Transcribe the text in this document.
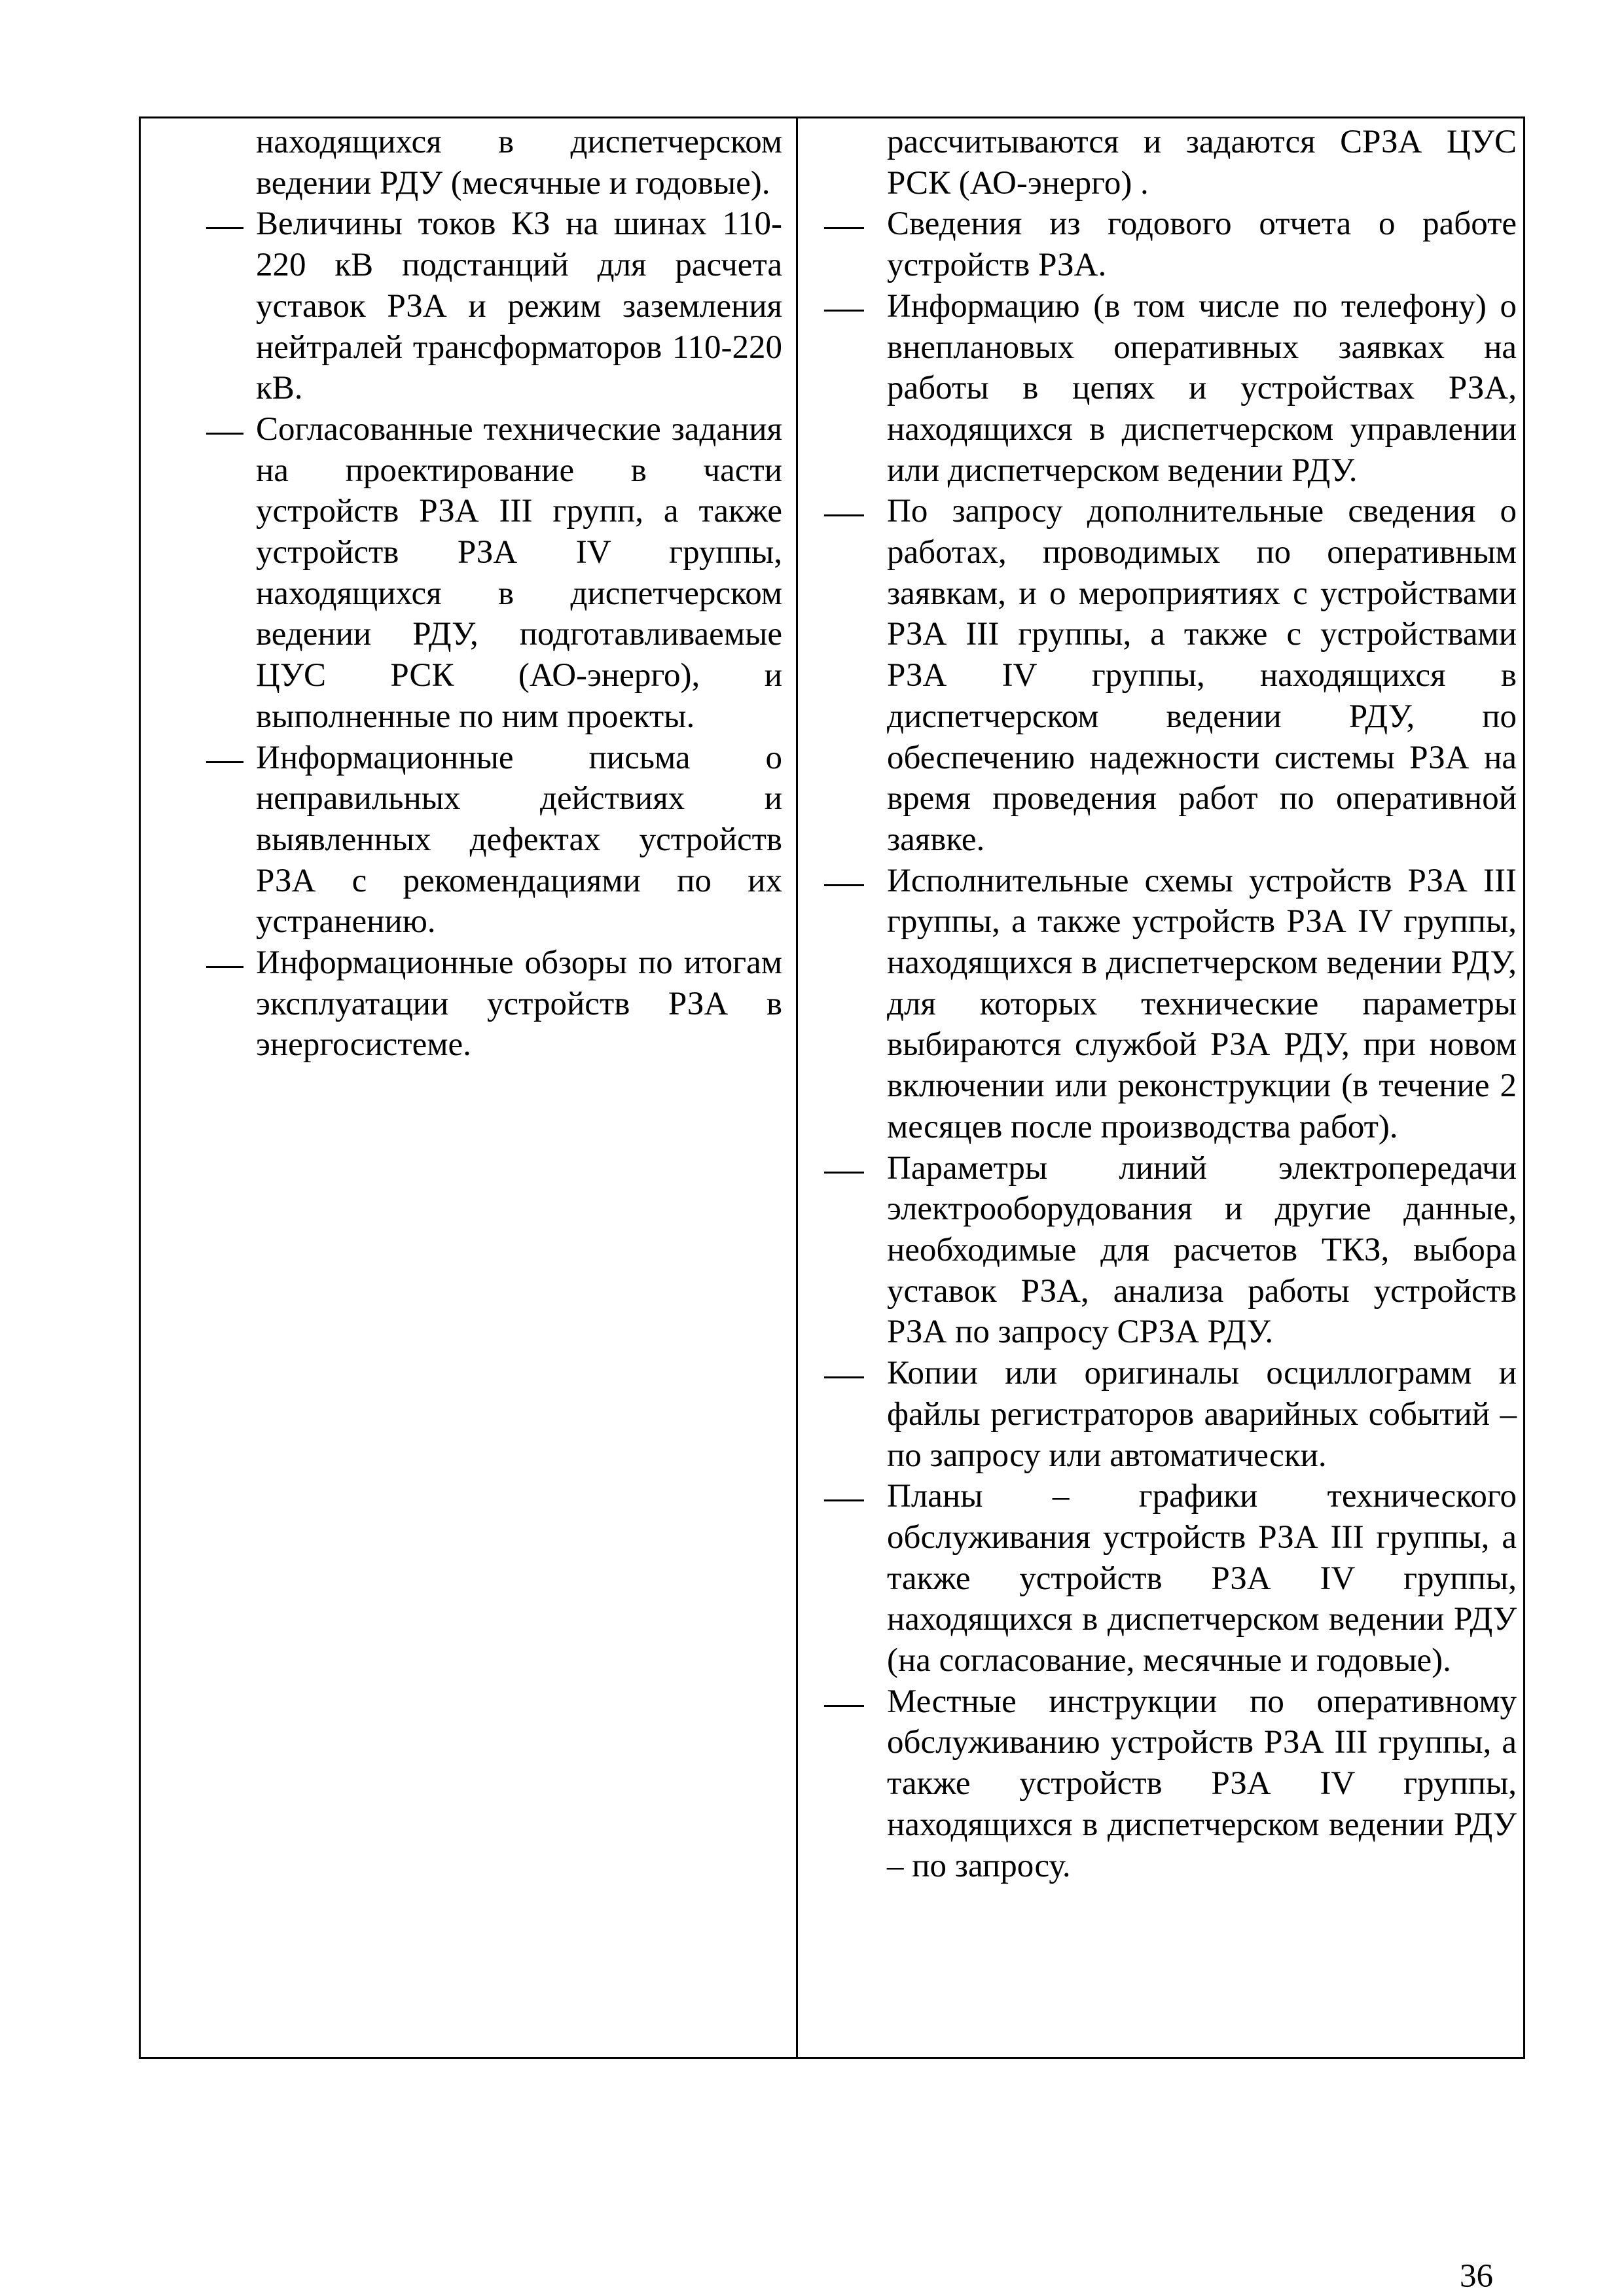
находящихся в диспетчерском ведении РДУ (месячные и годовые).
Величины токов КЗ на шинах 110-220 кВ подстанций для расчета уставок РЗА и режим заземления нейтралей трансформаторов 110-220 кВ.
Согласованные технические задания на проектирование в части устройств РЗА III групп, а также устройств РЗА IV группы, находящихся в диспетчерском ведении РДУ, подготавливаемые ЦУС РСК (АО-энерго), и выполненные по ним проекты.
Информационные письма о неправильных действиях и выявленных дефектах устройств РЗА с рекомендациями по их устранению.
Информационные обзоры по итогам эксплуатации устройств РЗА в энергосистеме.
рассчитываются и задаются СРЗА ЦУС РСК (АО-энерго) .
Сведения из годового отчета о работе устройств РЗА.
Информацию (в том числе по телефону) о внеплановых оперативных заявках на работы в цепях и устройствах РЗА, находящихся в диспетчерском управлении или диспетчерском ведении РДУ.
По запросу дополнительные сведения о работах, проводимых по оперативным заявкам, и о мероприятиях с устройствами РЗА III группы, а также с устройствами РЗА IV группы, находящихся в диспетчерском ведении РДУ, по обеспечению надежности системы РЗА на время проведения работ по оперативной заявке.
Исполнительные схемы устройств РЗА III группы, а также устройств РЗА IV группы, находящихся в диспетчерском ведении РДУ, для которых технические параметры выбираются службой РЗА РДУ, при новом включении или реконструкции (в течение 2 месяцев после производства работ).
Параметры линий электропередачи электрооборудования и другие данные, необходимые для расчетов ТКЗ, выбора уставок РЗА, анализа работы устройств РЗА по запросу СРЗА РДУ.
Копии или оригиналы осциллограмм и файлы регистраторов аварийных событий – по запросу или автоматически.
Планы – графики технического обслуживания устройств РЗА III группы, а также устройств РЗА IV группы, находящихся в диспетчерском ведении РДУ (на согласование, месячные и годовые).
Местные инструкции по оперативному обслуживанию устройств РЗА III группы, а также устройств РЗА IV группы, находящихся в диспетчерском ведении РДУ – по запросу.
36
